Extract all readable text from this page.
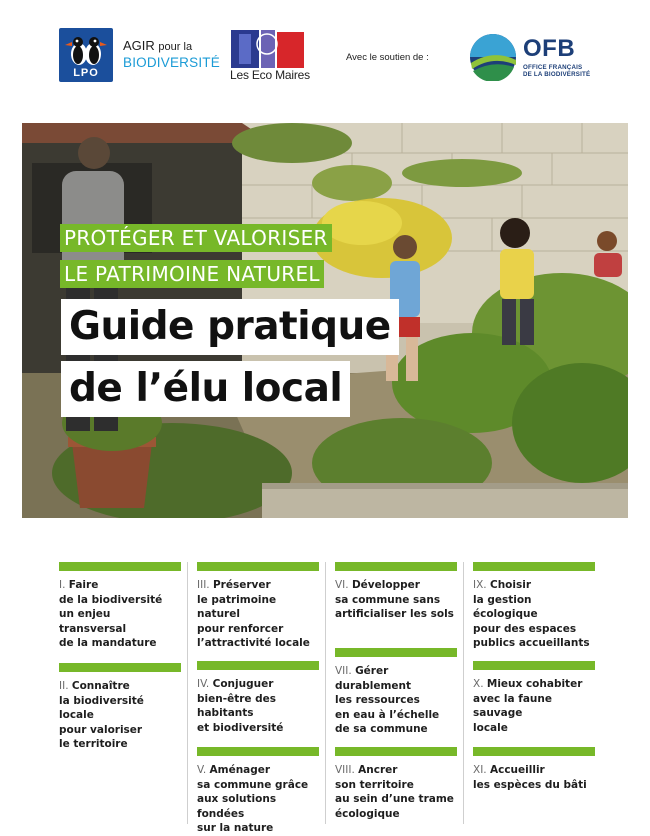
LPO
AGIR pour la
BIODIVERSITÉ
Les Eco Maires
Avec le soutien de :	OFB
OFFICE FRANÇAIS
DE LA BIODIVERSITÉ
PROTÉGER ET VALORISER
LE PATRIMOINE NATUREL
Guide pratique
de l’élu local
I. Faire
de la biodiversité
un enjeu transversal
de la mandature
II. Connaître
la biodiversité locale
pour valoriser
le territoire
III. Préserver
le patrimoine naturel
pour renforcer
l’attractivité locale
IV. Conjuguer
bien-être des habitants
et biodiversité
V. Aménager
sa commune grâce
aux solutions fondées
sur la nature
VI. Développer
sa commune sans
artificialiser les sols
VII. Gérer durablement
les ressources
en eau à l’échelle
de sa commune
VIII. Ancrer
son territoire
au sein d’une trame
écologique
IX. Choisir
la gestion écologique
pour des espaces
publics accueillants
X. Mieux cohabiter
avec la faune sauvage
locale
XI. Accueillir
les espèces du bâti
